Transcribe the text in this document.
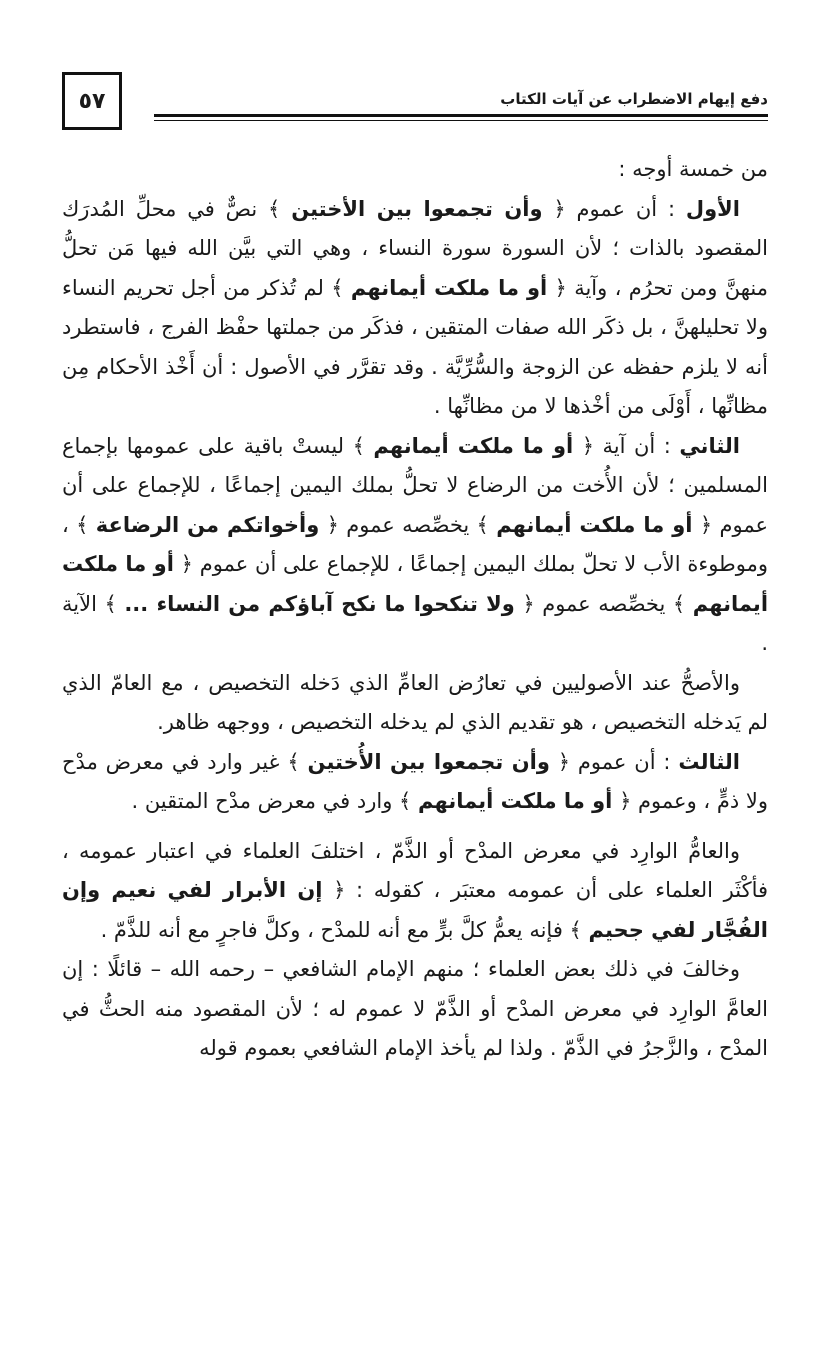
٥٧	دفع إيهام الاضطراب عن آيات الكتاب

من خمسة أوجه :

الأول : أن عموم ﴿ وأن تجمعوا بين الأختين ﴾ نصٌّ في محلِّ المُدرَك المقصود بالذات ؛ لأن السورة سورة النساء ، وهي التي بيَّن الله فيها مَن تحلُّ منهنَّ ومن تحرُم ، وآية ﴿ أو ما ملكت أيمانهم ﴾ لم تُذكر من أجل تحريم النساء ولا تحليلهنَّ ، بل ذكَر الله صفات المتقين ، فذكَر من جملتها حفْظ الفرج ، فاستطرد أنه لا يلزم حفظه عن الزوجة والسُّرِّيَّة . وقد تقرَّر في الأصول : أن أَخْذ الأحكام مِن مظانِّها ، أَوْلَى من أخْذها لا من مظانِّها .

الثاني : أن آية ﴿ أو ما ملكت أيمانهم ﴾ ليستْ باقية على عمومها بإجماع المسلمين ؛ لأن الأُخت من الرضاع لا تحلُّ بملك اليمين إجماعًا ، للإجماع على أن عموم ﴿ أو ما ملكت أيمانهم ﴾ يخصِّصه عموم ﴿ وأخواتكم من الرضاعة ﴾ ، وموطوءة الأب لا تحلّ بملك اليمين إجماعًا ، للإجماع على أن عموم ﴿ أو ما ملكت أيمانهم ﴾ يخصِّصه عموم ﴿ ولا تنكحوا ما نكح آباؤكم من النساء ... ﴾ الآية .

والأصحُّ عند الأصوليين في تعارُض العامِّ الذي دَخله التخصيص ، مع العامّ الذي لم يَدخله التخصيص ، هو تقديم الذي لم يدخله التخصيص ، ووجهه ظاهر.

الثالث : أن عموم ﴿ وأن تجمعوا بين الأُختين ﴾ غير وارد في معرض مدْح ولا ذمٍّ ، وعموم ﴿ أو ما ملكت أيمانهم ﴾ وارد في معرض مدْح المتقين .

والعامُّ الوارِد في معرض المدْح أو الذَّمّ ، اختلفَ العلماء في اعتبار عمومه ، فأكْثَر العلماء على أن عمومه معتبَر ، كقوله : ﴿ إن الأبرار لفي نعيم وإن الفُجَّار لفي جحيم ﴾ فإنه يعمُّ كلَّ برٍّ مع أنه للمدْح ، وكلَّ فاجرٍ مع أنه للذَّمّ .

وخالفَ في ذلك بعض العلماء ؛ منهم الإمام الشافعي – رحمه الله – قائلًا : إن العامَّ الوارِد في معرض المدْح أو الذَّمّ لا عموم له ؛ لأن المقصود منه الحثُّ في المدْح ، والزَّجرُ في الذَّمّ . ولذا لم يأخذ الإمام الشافعي بعموم قوله
